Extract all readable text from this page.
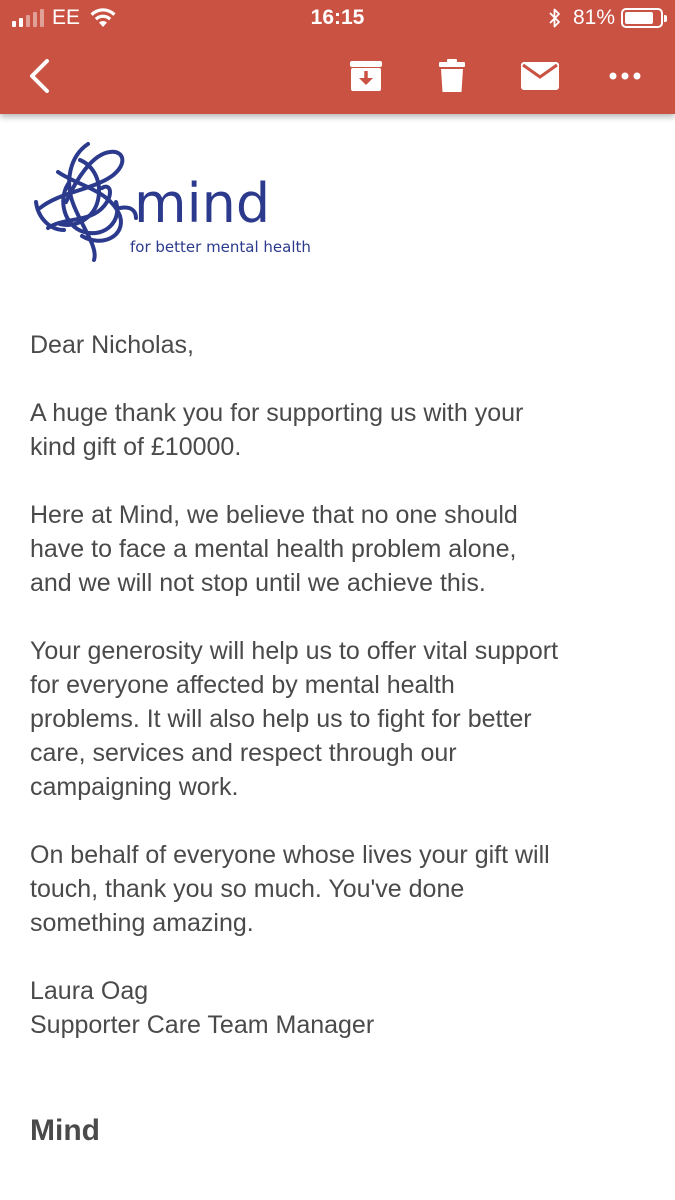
EE	16:15	81%
mind
for better mental health

Dear Nicholas,

A huge thank you for supporting us with your
kind gift of £10000.

Here at Mind, we believe that no one should
have to face a mental health problem alone,
and we will not stop until we achieve this.

Your generosity will help us to offer vital support
for everyone affected by mental health
problems. It will also help us to fight for better
care, services and respect through our
campaigning work.

On behalf of everyone whose lives your gift will
touch, thank you so much. You've done
something amazing.

Laura Oag
Supporter Care Team Manager

Mind
